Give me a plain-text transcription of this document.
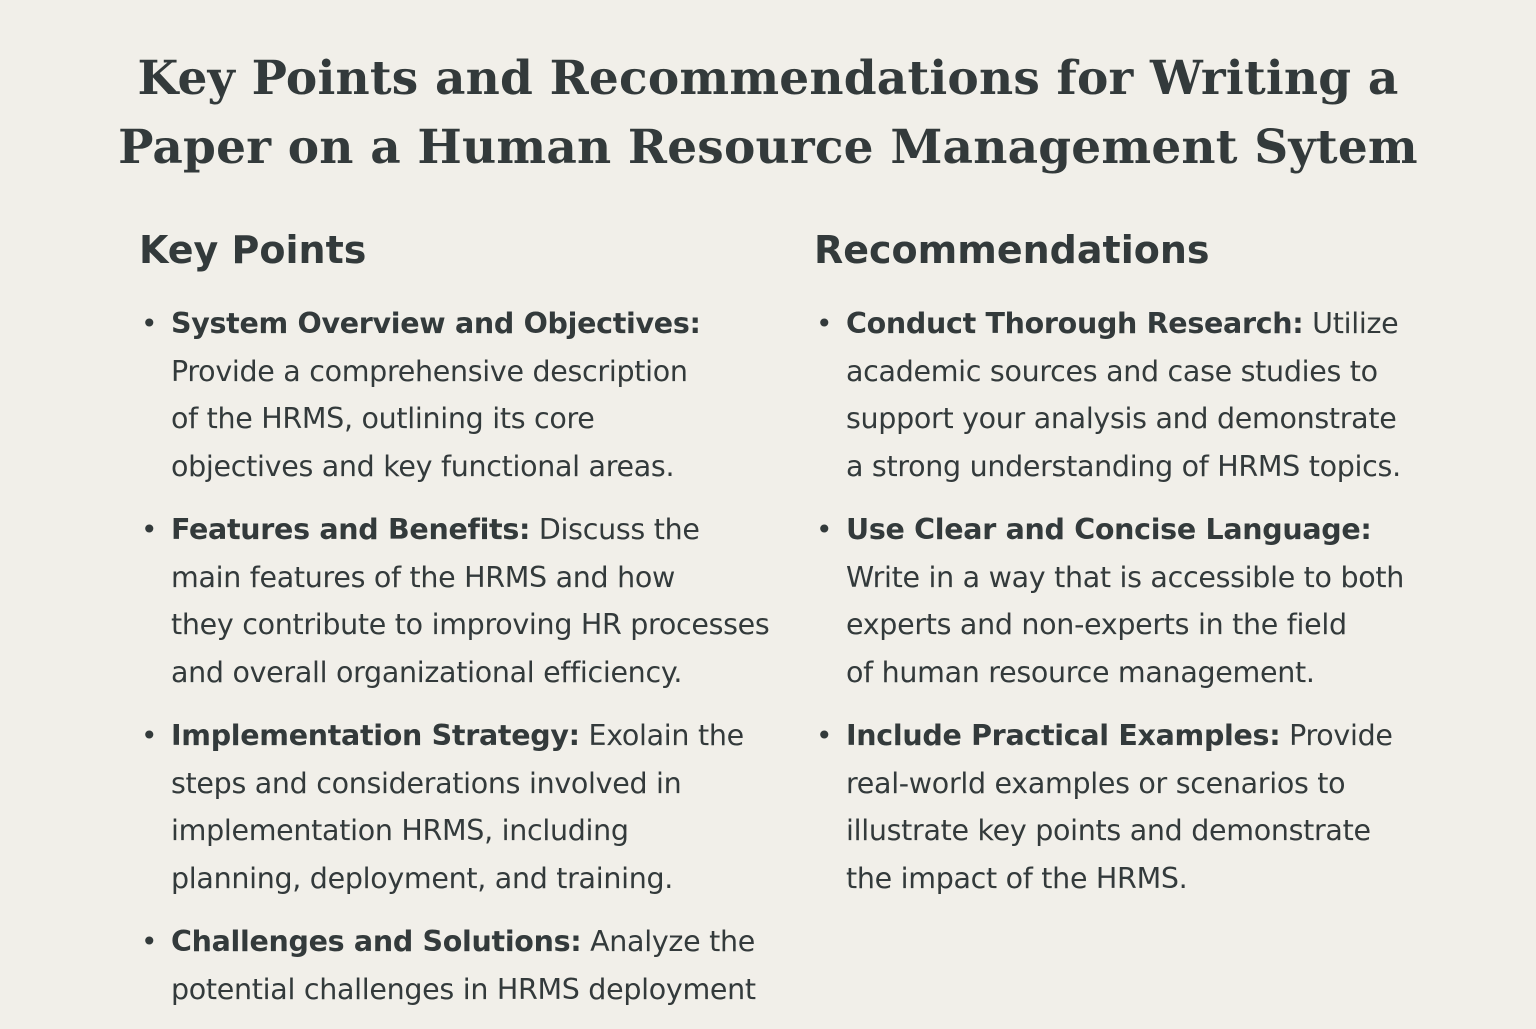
Key Points and Recommendations for Writing a
Paper on a Human Resource Management Sytem
Key Points
• System Overview and Objectives:
Provide a comprehensive description
of the HRMS, outlining its core
objectives and key functional areas.
• Features and Benefits: Discuss the
main features of the HRMS and how
they contribute to improving HR processes
and overall organizational efficiency.
• Implementation Strategy: Exolain the
steps and considerations involved in
implementation HRMS, including
planning, deployment, and training.
• Challenges and Solutions: Analyze the
potential challenges in HRMS deployment
Recommendations
• Conduct Thorough Research: Utilize
academic sources and case studies to
support your analysis and demonstrate
a strong understanding of HRMS topics.
• Use Clear and Concise Language:
Write in a way that is accessible to both
experts and non-experts in the field
of human resource management.
• Include Practical Examples: Provide
real-world examples or scenarios to
illustrate key points and demonstrate
the impact of the HRMS.
